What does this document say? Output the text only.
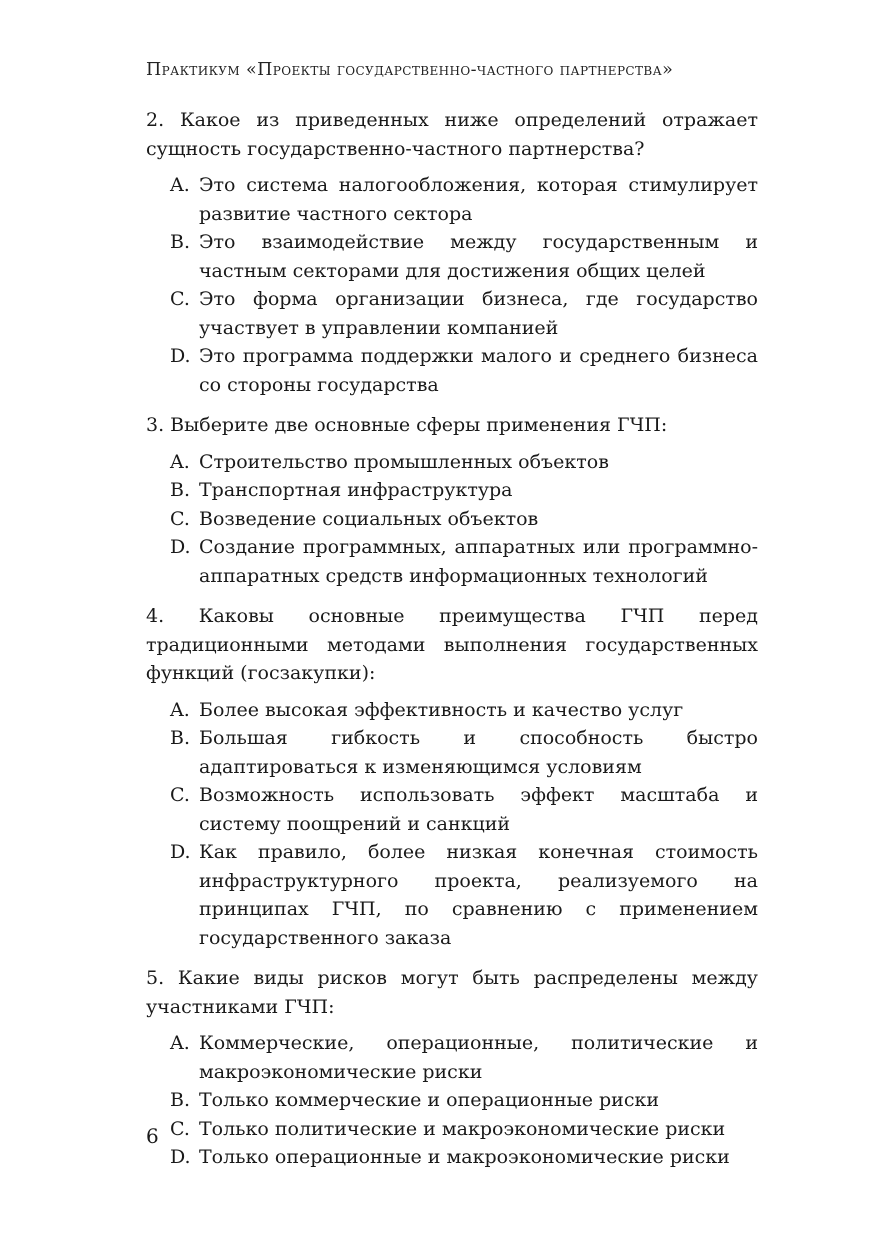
Практикум «Проекты государственно-частного партнерства»
2. Какое из приведенных ниже определений отражает сущность государственно-частного партнерства?
A. Это система налогообложения, которая стимулирует развитие частного сектора
B. Это взаимодействие между государственным и частным секторами для достижения общих целей
C. Это форма организации бизнеса, где государство участвует в управлении компанией
D. Это программа поддержки малого и среднего бизнеса со стороны государства
3. Выберите две основные сферы применения ГЧП:
A. Строительство промышленных объектов
B. Транспортная инфраструктура
C. Возведение социальных объектов
D. Создание программных, аппаратных или программно-аппаратных средств информационных технологий
4. Каковы основные преимущества ГЧП перед традиционными методами выполнения государственных функций (госзакупки):
A. Более высокая эффективность и качество услуг
B. Большая гибкость и способность быстро адаптироваться к изменяющимся условиям
C. Возможность использовать эффект масштаба и систему поощрений и санкций
D. Как правило, более низкая конечная стоимость инфраструктурного проекта, реализуемого на принципах ГЧП, по сравнению с применением государственного заказа
5. Какие виды рисков могут быть распределены между участниками ГЧП:
A. Коммерческие, операционные, политические и макроэкономические риски
B. Только коммерческие и операционные риски
C. Только политические и макроэкономические риски
D. Только операционные и макроэкономические риски
6
